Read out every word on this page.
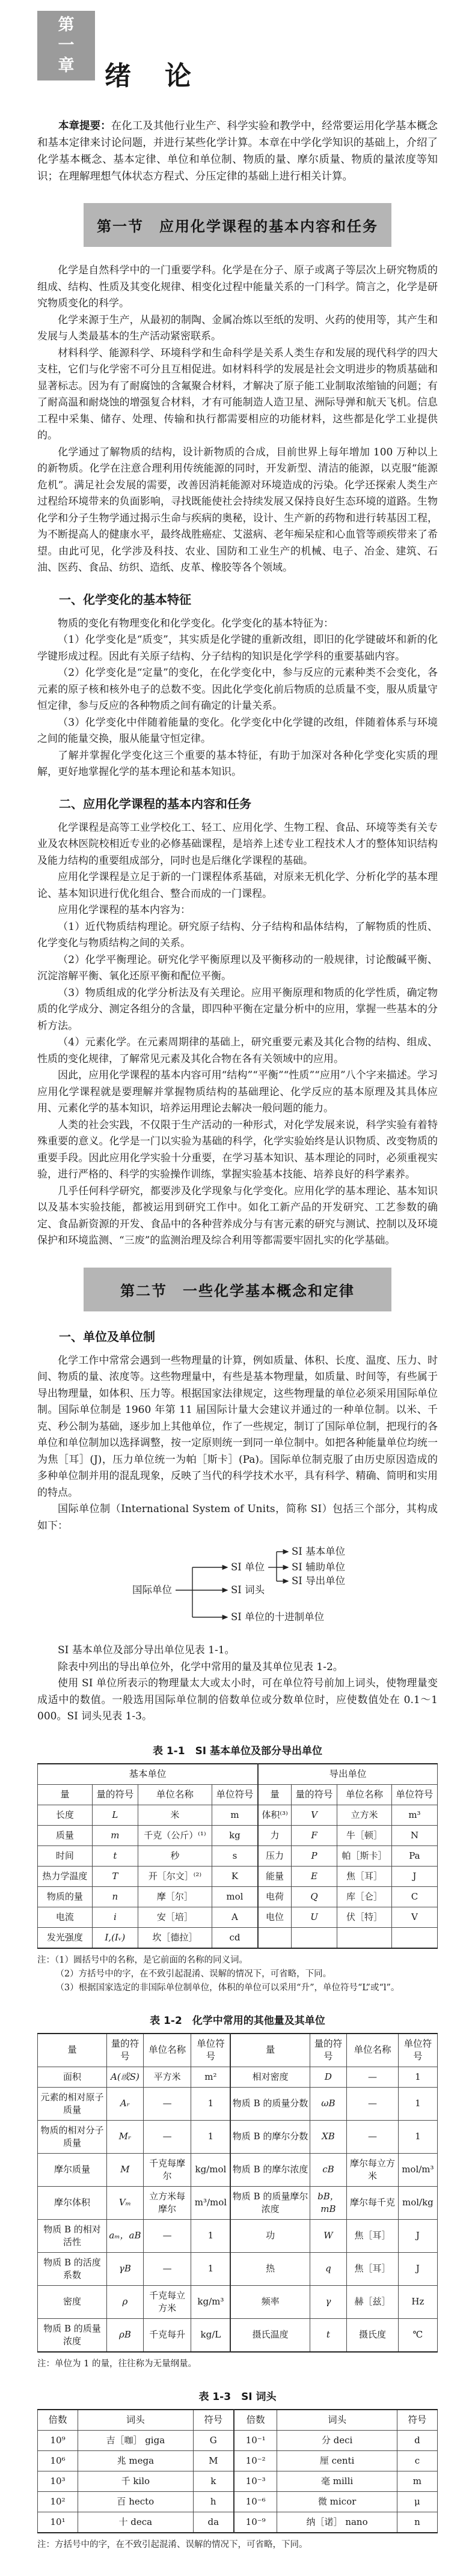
第
一
章 绪　论

本章提要：在化工及其他行业生产、科学实验和教学中，经常要运用化学基本概念和基本定律来讨论问题，并进行某些化学计算。本章在中学化学知识的基础上，介绍了化学基本概念、基本定律、单位和单位制、物质的量、摩尔质量、物质的量浓度等知识；在理解理想气体状态方程式、分压定律的基础上进行相关计算。

第一节　应用化学课程的基本内容和任务

化学是自然科学中的一门重要学科。化学是在分子、原子或离子等层次上研究物质的组成、结构、性质及其变化规律、相变化过程中能量关系的一门科学。简言之，化学是研究物质变化的科学。

化学来源于生产，从最初的制陶、金属冶炼以至纸的发明、火药的使用等，其产生和发展与人类最基本的生产活动紧密联系。

材料科学、能源科学、环境科学和生命科学是关系人类生存和发展的现代科学的四大支柱，它们与化学密不可分且互相促进。如材料科学的发展是社会文明进步的物质基础和显著标志。因为有了耐腐蚀的含氟聚合材料，才解决了原子能工业制取浓缩铀的问题；有了耐高温和耐烧蚀的增强复合材料，才有可能制造人造卫星、洲际导弹和航天飞机。信息工程中采集、储存、处理、传输和执行都需要相应的功能材料，这些都是化学工业提供的。

化学通过了解物质的结构，设计新物质的合成，目前世界上每年增加 100 万种以上的新物质。化学在注意合理利用传统能源的同时，开发新型、清洁的能源，以克服“能源危机”。满足社会发展的需要，改善因消耗能源对环境造成的污染。化学还探索人类生产过程给环境带来的负面影响，寻找既能使社会持续发展又保持良好生态环境的道路。生物化学和分子生物学通过揭示生命与疾病的奥秘，设计、生产新的药物和进行转基因工程，为不断提高人的健康水平，最终战胜癌症、艾滋病、老年痴呆症和心血管等顽疾带来了希望。由此可见，化学涉及科技、农业、国防和工业生产的机械、电子、冶金、建筑、石油、医药、食品、纺织、造纸、皮革、橡胶等各个领域。

一、化学变化的基本特征

物质的变化有物理变化和化学变化。化学变化的基本特征为：

（1）化学变化是“质变”，其实质是化学键的重新改组，即旧的化学键破坏和新的化学键形成过程。因此有关原子结构、分子结构的知识是化学学科的重要基础内容。

（2）化学变化是“定量”的变化，在化学变化中，参与反应的元素种类不会变化，各元素的原子核和核外电子的总数不变。因此化学变化前后物质的总质量不变，服从质量守恒定律，参与反应的各种物质之间有确定的计量关系。

（3）化学变化中伴随着能量的变化。化学变化中化学键的改组，伴随着体系与环境之间的能量交换，服从能量守恒定律。

了解并掌握化学变化这三个重要的基本特征，有助于加深对各种化学变化实质的理解，更好地掌握化学的基本理论和基本知识。

二、应用化学课程的基本内容和任务

化学课程是高等工业学校化工、轻工、应用化学、生物工程、食品、环境等类有关专业及农林医院校相近专业的必修基础课程，是培养上述专业工程技术人才的整体知识结构及能力结构的重要组成部分，同时也是后继化学课程的基础。

应用化学课程是立足于新的一门课程体系基础，对原来无机化学、分析化学的基本理论、基本知识进行优化组合、整合而成的一门课程。

应用化学课程的基本内容为：

（1）近代物质结构理论。研究原子结构、分子结构和晶体结构，了解物质的性质、化学变化与物质结构之间的关系。

（2）化学平衡理论。研究化学平衡原理以及平衡移动的一般规律，讨论酸碱平衡、沉淀溶解平衡、氧化还原平衡和配位平衡。

（3）物质组成的化学分析法及有关理论。应用平衡原理和物质的化学性质，确定物质的化学成分、测定各组分的含量，即四种平衡在定量分析中的应用，掌握一些基本的分析方法。

（4）元素化学。在元素周期律的基础上，研究重要元素及其化合物的结构、组成、性质的变化规律，了解常见元素及其化合物在各有关领域中的应用。

因此，应用化学课程的基本内容可用“结构”“平衡”“性质”“应用”八个字来描述。学习应用化学课程就是要理解并掌握物质结构的基础理论、化学反应的基本原理及其具体应用、元素化学的基本知识，培养运用理论去解决一般问题的能力。

人类的社会实践，不仅限于生产活动的一种形式，对化学发展来说，科学实验有着特殊重要的意义。化学是一门以实验为基础的科学，化学实验始终是认识物质、改变物质的重要手段。因此应用化学实验十分重要，在学习基本知识、基本理论的同时，必须重视实验，进行严格的、科学的实验操作训练，掌握实验基本技能、培养良好的科学素养。

几乎任何科学研究，都要涉及化学现象与化学变化。应用化学的基本理论、基本知识以及基本实验技能，都被运用到研究工作中。如化工新产品的开发研究、工艺参数的确定、食品新资源的开发、食品中的各种营养成分与有害元素的研究与测试、控制以及环境保护和环境监测、“三废”的监测治理及综合利用等都需要牢固扎实的化学基础。

第二节　一些化学基本概念和定律
一、单位及单位制

化学工作中常常会遇到一些物理量的计算，例如质量、体积、长度、温度、压力、时间、物质的量、浓度等。这些物理量中，有些是基本物理量，如质量、时间等，有些属于导出物理量，如体积、压力等。根据国家法律规定，这些物理量的单位必须采用国际单位制。国际单位制是 1960 年第 11 届国际计量大会建议并通过的一种单位制。以米、千克、秒公制为基础，逐步加上其他单位，作了一些规定，制订了国际单位制，把现行的各单位和单位制加以选择调整，按一定原则统一到同一单位制中。如把各种能量单位均统一为焦［耳］(J)，压力单位统一为帕［斯卡］(Pa)。国际单位制克服了由历史原因造成的多种单位制并用的混乱现象，反映了当代的科学技术水平，具有科学、精确、简明和实用的特点。

国际单位制（International System of Units，简称 SI）包括三个部分，其构成如下：

国际单位
SI 单位
SI 词头
SI 单位的十进制单位
SI 基本单位
SI 辅助单位
SI 导出单位

SI 基本单位及部分导出单位见表 1-1。

除表中列出的导出单位外，化学中常用的量及其单位见表 1-2。

使用 SI 单位所表示的物理量太大或太小时，可在单位符号前加上词头，使物理量变成适中的数值。一般选用国际单位制的倍数单位或分数单位时，应使数值处在 0.1～1 000。SI 词头见表 1-3。

表 1-1　SI 基本单位及部分导出单位
基本单位				导出单位			
量	量的符号	单位名称	单位符号	量	量的符号	单位名称	单位符号
长度	L	米	m	体积⁽³⁾	V	立方米	m³
质量	m	千克（公斤）⁽¹⁾	kg	力	F	牛［顿］	N
时间	t	秒	s	压力	P	帕［斯卡］	Pa
热力学温度	T	开［尔文］⁽²⁾	K	能量	E	焦［耳］	J
物质的量	n	摩［尔］	mol	电荷	Q	库［仑］	C
电流	i	安［培］	A	电位	U	伏［特］	V
发光强度	I,(Iᵥ)	坎［德拉］	cd				
注：（1）圆括号中的名称，是它前面的名称的同义词。
（2）方括号中的字，在不致引起混淆、误解的情况下，可省略，下同。
（3）根据国家选定的非国际单位制单位，体积的单位可以采用“升”，单位符号“L”或“l”。
表 1-2　化学中常用的其他量及其单位
量	量的符号	单位名称	单位符号	量	量的符号	单位名称	单位符号
面积	A(或S)	平方米	m²	相对密度	D	—	1
元素的相对原子质量	Aᵣ	—	1	物质 B 的质量分数	ωB	—	1
物质的相对分子质量	Mᵣ	—	1	物质 B 的摩尔分数	XB	—	1
摩尔质量	M	千克每摩尔	kg/mol	物质 B 的摩尔浓度	cB	摩尔每立方米	mol/m³
摩尔体积	Vₘ	立方米每摩尔	m³/mol	物质 B 的质量摩尔浓度	bB，mB	摩尔每千克	mol/kg
物质 B 的相对活性	aₘ，aB	—	1	功	W	焦［耳］	J
物质 B 的活度系数	γB	—	1	热	q	焦［耳］	J
密度	ρ	千克每立方米	kg/m³	频率	γ	赫［兹］	Hz
物质 B 的质量浓度	ρB	千克每升	kg/L	摄氏温度	t	摄氏度	℃
注：单位为 1 的量，往往称为无量纲量。
表 1-3　SI 词头
倍数	词头	符号	倍数	词头	符号
10⁹	吉［咖］ giga	G	10⁻¹	分 deci	d
10⁶	兆 mega	M	10⁻²	厘 centi	c
10³	千 kilo	k	10⁻³	毫 milli	m
10²	百 hecto	h	10⁻⁶	微 micor	μ
10¹	十 deca	da	10⁻⁹	纳［诺］ nano	n
注：方括号中的字，在不致引起混淆、误解的情况下，可省略，下同。
